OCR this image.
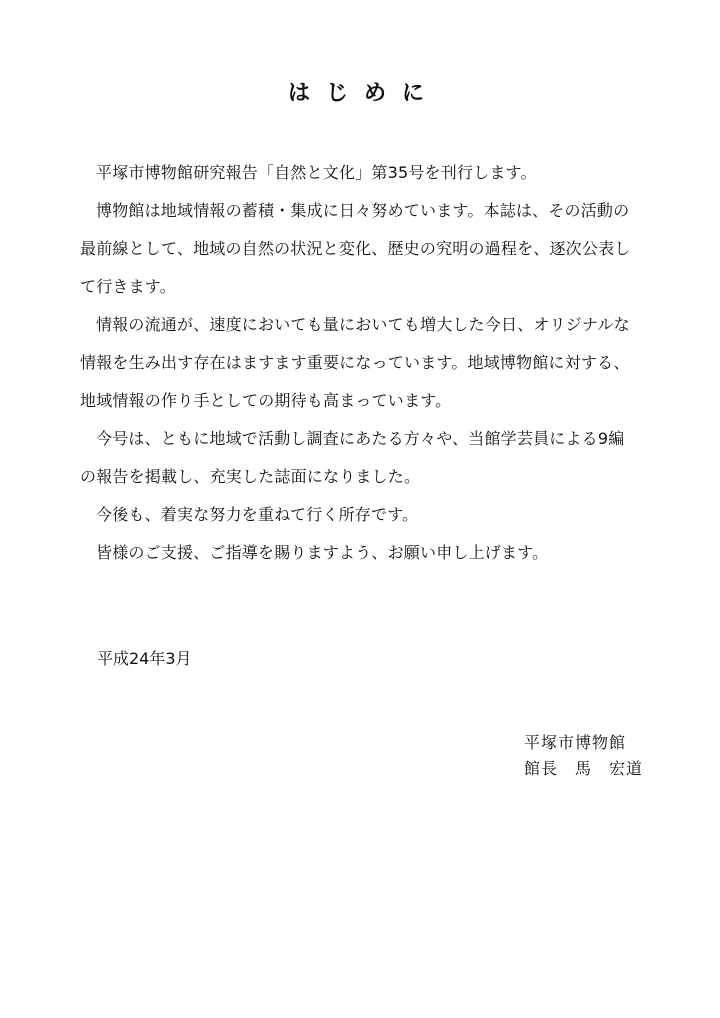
はじめに

平塚市博物館研究報告「自然と文化」第35号を刊行します。

博物館は地域情報の蓄積・集成に日々努めています。本誌は、その活動の最前線として、地域の自然の状況と変化、歴史の究明の過程を、逐次公表して行きます。

情報の流通が、速度においても量においても増大した今日、オリジナルな情報を生み出す存在はますます重要になっています。地域博物館に対する、地域情報の作り手としての期待も高まっています。

今号は、ともに地域で活動し調査にあたる方々や、当館学芸員による9編の報告を掲載し、充実した誌面になりました。

今後も、着実な努力を重ねて行く所存です。

皆様のご支援、ご指導を賜りますよう、お願い申し上げます。

平成24年3月
平塚市博物館
館長　馬　宏道
